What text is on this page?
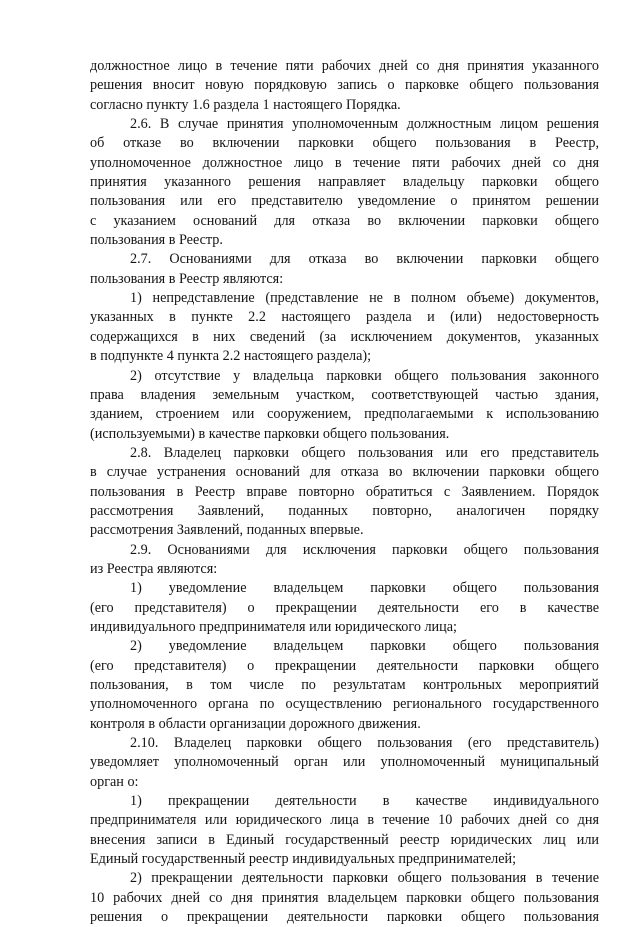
должностное лицо в течение пяти рабочих дней со дня принятия указанного
решения вносит новую порядковую запись о парковке общего пользования
согласно пункту 1.6 раздела 1 настоящего Порядка.
2.6. В случае принятия уполномоченным должностным лицом решения
об отказе во включении парковки общего пользования в Реестр,
уполномоченное должностное лицо в течение пяти рабочих дней со дня
принятия указанного решения направляет владельцу парковки общего
пользования или его представителю уведомление о принятом решении
с указанием оснований для отказа во включении парковки общего
пользования в Реестр.
2.7. Основаниями для отказа во включении парковки общего
пользования в Реестр являются:
1) непредставление (представление не в полном объеме) документов,
указанных в пункте 2.2 настоящего раздела и (или) недостоверность
содержащихся в них сведений (за исключением документов, указанных
в подпункте 4 пункта 2.2 настоящего раздела);
2) отсутствие у владельца парковки общего пользования законного
права владения земельным участком, соответствующей частью здания,
зданием, строением или сооружением, предполагаемыми к использованию
(используемыми) в качестве парковки общего пользования.
2.8. Владелец парковки общего пользования или его представитель
в случае устранения оснований для отказа во включении парковки общего
пользования в Реестр вправе повторно обратиться с Заявлением. Порядок
рассмотрения Заявлений, поданных повторно, аналогичен порядку
рассмотрения Заявлений, поданных впервые.
2.9. Основаниями для исключения парковки общего пользования
из Реестра являются:
1) уведомление владельцем парковки общего пользования
(его представителя) о прекращении деятельности его в качестве
индивидуального предпринимателя или юридического лица;
2) уведомление владельцем парковки общего пользования
(его представителя) о прекращении деятельности парковки общего
пользования, в том числе по результатам контрольных мероприятий
уполномоченного органа по осуществлению регионального государственного
контроля в области организации дорожного движения.
2.10. Владелец парковки общего пользования (его представитель)
уведомляет уполномоченный орган или уполномоченный муниципальный
орган о:
1) прекращении деятельности в качестве индивидуального
предпринимателя или юридического лица в течение 10 рабочих дней со дня
внесения записи в Единый государственный реестр юридических лиц или
Единый государственный реестр индивидуальных предпринимателей;
2) прекращении деятельности парковки общего пользования в течение
10 рабочих дней со дня принятия владельцем парковки общего пользования
решения о прекращении деятельности парковки общего пользования
